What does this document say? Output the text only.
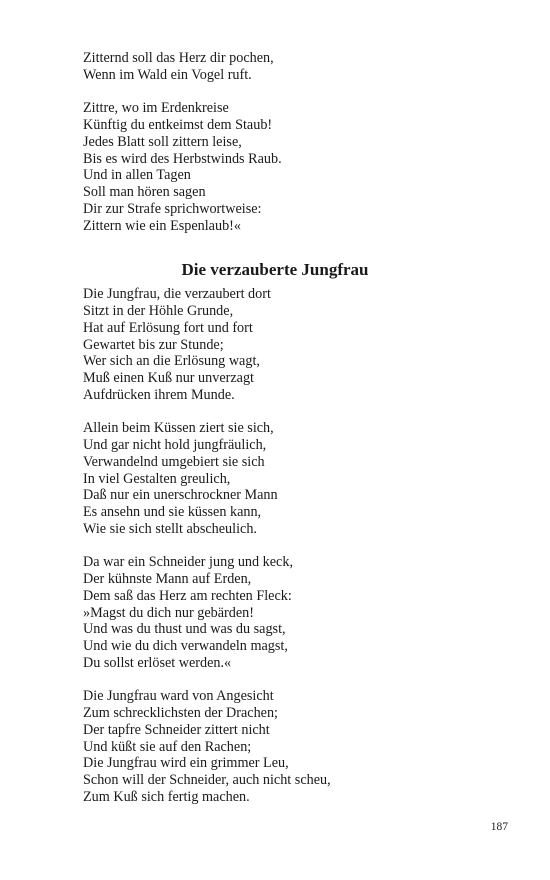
Zitternd soll das Herz dir pochen,
Wenn im Wald ein Vogel ruft.
Zittre, wo im Erdenkreise
Künftig du entkeimst dem Staub!
Jedes Blatt soll zittern leise,
Bis es wird des Herbstwinds Raub.
Und in allen Tagen
Soll man hören sagen
Dir zur Strafe sprichwortweise:
Zittern wie ein Espenlaub!«
Die verzauberte Jungfrau
Die Jungfrau, die verzaubert dort
Sitzt in der Höhle Grunde,
Hat auf Erlösung fort und fort
Gewartet bis zur Stunde;
Wer sich an die Erlösung wagt,
Muß einen Kuß nur unverzagt
Aufdrücken ihrem Munde.
Allein beim Küssen ziert sie sich,
Und gar nicht hold jungfräulich,
Verwandelnd umgebiert sie sich
In viel Gestalten greulich,
Daß nur ein unerschrockner Mann
Es ansehn und sie küssen kann,
Wie sie sich stellt abscheulich.
Da war ein Schneider jung und keck,
Der kühnste Mann auf Erden,
Dem saß das Herz am rechten Fleck:
»Magst du dich nur gebärden!
Und was du thust und was du sagst,
Und wie du dich verwandeln magst,
Du sollst erlöset werden.«
Die Jungfrau ward von Angesicht
Zum schrecklichsten der Drachen;
Der tapfre Schneider zittert nicht
Und küßt sie auf den Rachen;
Die Jungfrau wird ein grimmer Leu,
Schon will der Schneider, auch nicht scheu,
Zum Kuß sich fertig machen.
187
